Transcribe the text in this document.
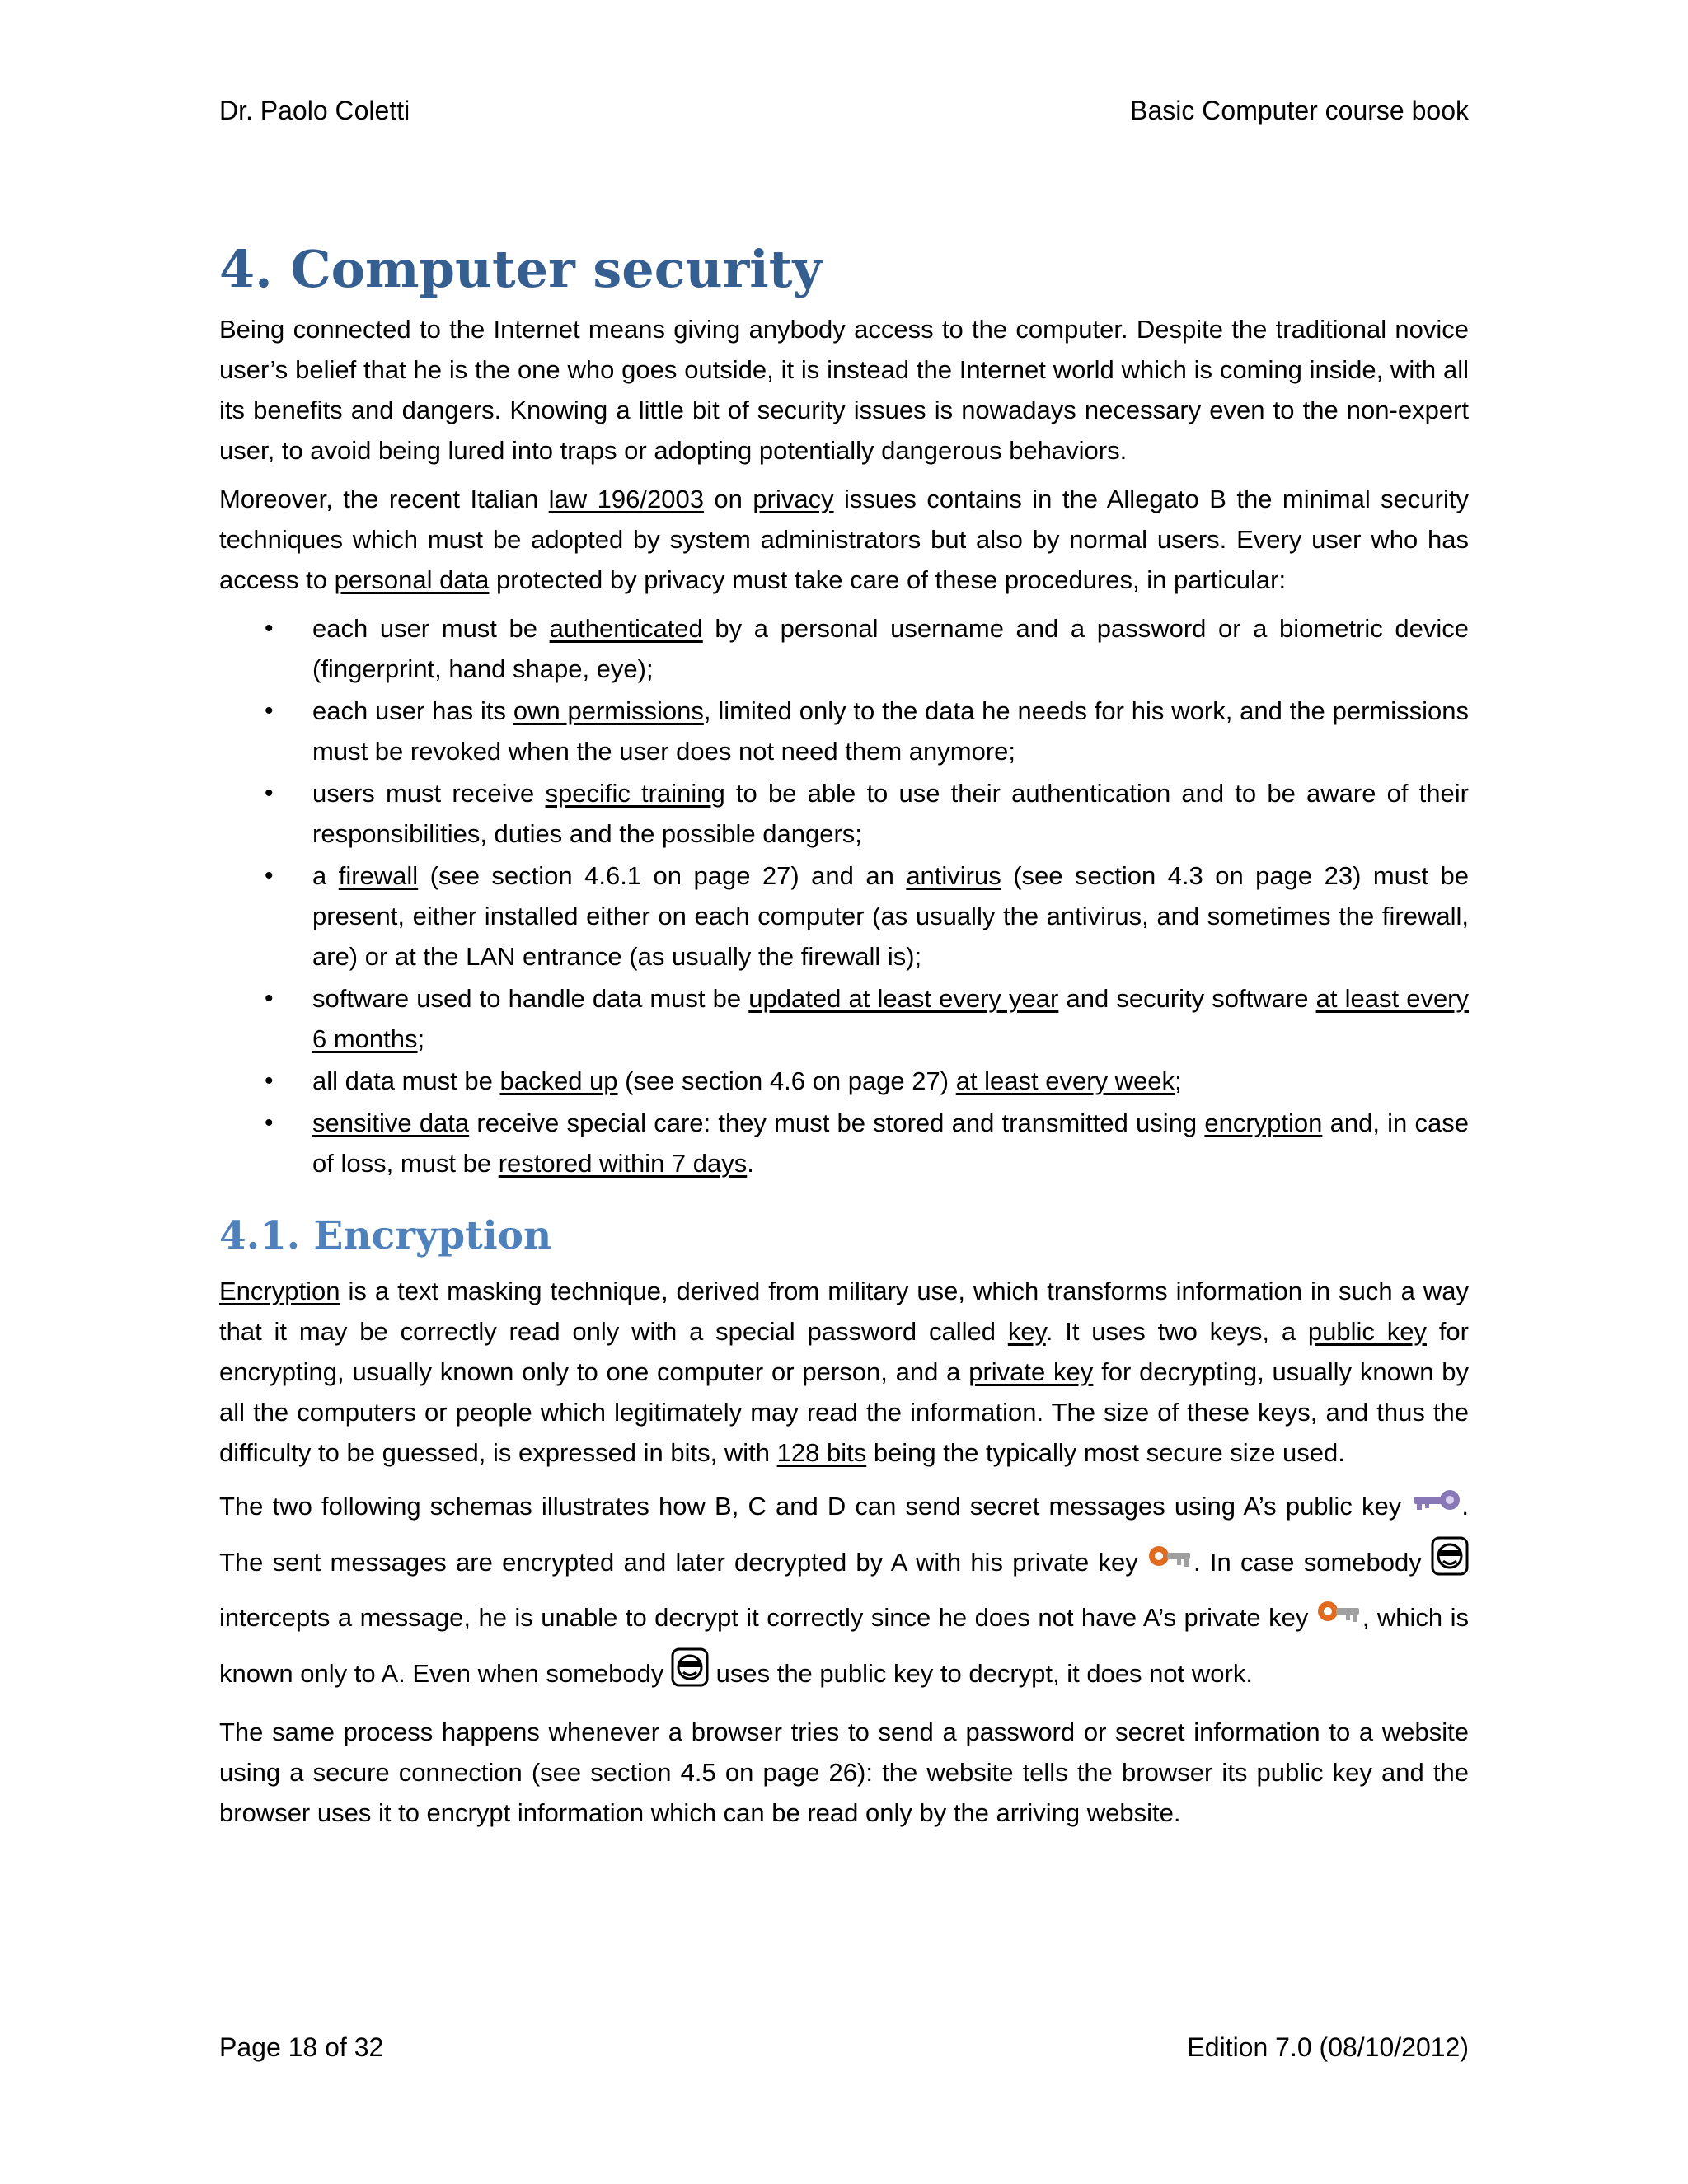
Dr. Paolo Coletti	Basic Computer course book
4. Computer security

Being connected to the Internet means giving anybody access to the computer. Despite the traditional novice user’s belief that he is the one who goes outside, it is instead the Internet world which is coming inside, with all its benefits and dangers. Knowing a little bit of security issues is nowadays necessary even to the non-expert user, to avoid being lured into traps or adopting potentially dangerous behaviors.

Moreover, the recent Italian law 196/2003 on privacy issues contains in the Allegato B the minimal security techniques which must be adopted by system administrators but also by normal users. Every user who has access to personal data protected by privacy must take care of these procedures, in particular:

• each user must be authenticated by a personal username and a password or a biometric device (fingerprint, hand shape, eye);
• each user has its own permissions, limited only to the data he needs for his work, and the permissions must be revoked when the user does not need them anymore;
• users must receive specific training to be able to use their authentication and to be aware of their responsibilities, duties and the possible dangers;
• a firewall (see section 4.6.1 on page 27) and an antivirus (see section 4.3 on page 23) must be present, either installed either on each computer (as usually the antivirus, and sometimes the firewall, are) or at the LAN entrance (as usually the firewall is);
• software used to handle data must be updated at least every year and security software at least every 6 months;
• all data must be backed up (see section 4.6 on page 27) at least every week;
• sensitive data receive special care: they must be stored and transmitted using encryption and, in case of loss, must be restored within 7 days.
4.1. Encryption

Encryption is a text masking technique, derived from military use, which transforms information in such a way that it may be correctly read only with a special password called key. It uses two keys, a public key for encrypting, usually known only to one computer or person, and a private key for decrypting, usually known by all the computers or people which legitimately may read the information. The size of these keys, and thus the difficulty to be guessed, is expressed in bits, with 128 bits being the typically most secure size used.

The two following schemas illustrates how B, C and D can send secret messages using A’s public key . The sent messages are encrypted and later decrypted by A with his private key . In case somebody  intercepts a message, he is unable to decrypt it correctly since he does not have A’s private key , which is known only to A. Even when somebody  uses the public key to decrypt, it does not work.

The same process happens whenever a browser tries to send a password or secret information to a website using a secure connection (see section 4.5 on page 26): the website tells the browser its public key and the browser uses it to encrypt information which can be read only by the arriving website.

Page 18 of 32	Edition 7.0 (08/10/2012)
